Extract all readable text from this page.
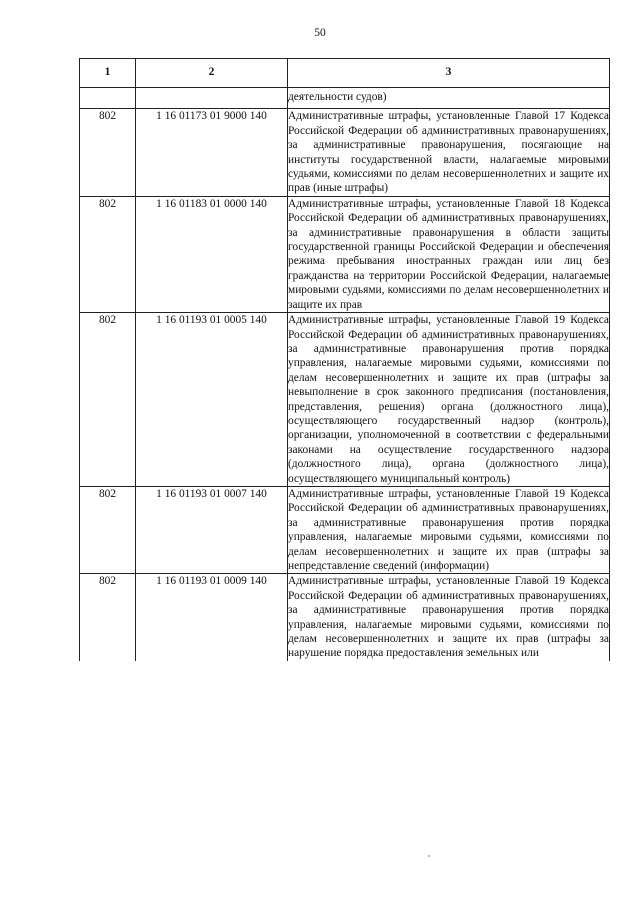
50
1	2	3
		деятельности судов)
802	1 16 01173 01 9000 140	Административные штрафы, установленные Главой 17 Кодекса Российской Федерации об административных правонарушениях, за административные правонарушения, посягающие на институты государственной власти, налагаемые мировыми судьями, комиссиями по делам несовершеннолетних и защите их прав (иные штрафы)
802	1 16 01183 01 0000 140	Административные штрафы, установленные Главой 18 Кодекса Российской Федерации об административных правонарушениях, за административные правонарушения в области защиты государственной границы Российской Федерации и обеспечения режима пребывания иностранных граждан или лиц без гражданства на территории Российской Федерации, налагаемые мировыми судьями, комиссиями по делам несовершеннолетних и защите их прав
802	1 16 01193 01 0005 140	Административные штрафы, установленные Главой 19 Кодекса Российской Федерации об административных правонарушениях, за административные правонарушения против порядка управления, налагаемые мировыми судьями, комиссиями по делам несовершеннолетних и защите их прав (штрафы за невыполнение в срок законного предписания (постановления, представления, решения) органа (должностного лица), осуществляющего государственный надзор (контроль), организации, уполномоченной в соответствии с федеральными законами на осуществление государственного надзора (должностного лица), органа (должностного лица), осуществляющего муниципальный контроль)
802	1 16 01193 01 0007 140	Административные штрафы, установленные Главой 19 Кодекса Российской Федерации об административных правонарушениях, за административные правонарушения против порядка управления, налагаемые мировыми судьями, комиссиями по делам несовершеннолетних и защите их прав (штрафы за непредставление сведений (информации)
802	1 16 01193 01 0009 140	Административные штрафы, установленные Главой 19 Кодекса Российской Федерации об административных правонарушениях, за административные правонарушения против порядка управления, налагаемые мировыми судьями, комиссиями по делам несовершеннолетних и защите их прав (штрафы за нарушение порядка предоставления земельных или
